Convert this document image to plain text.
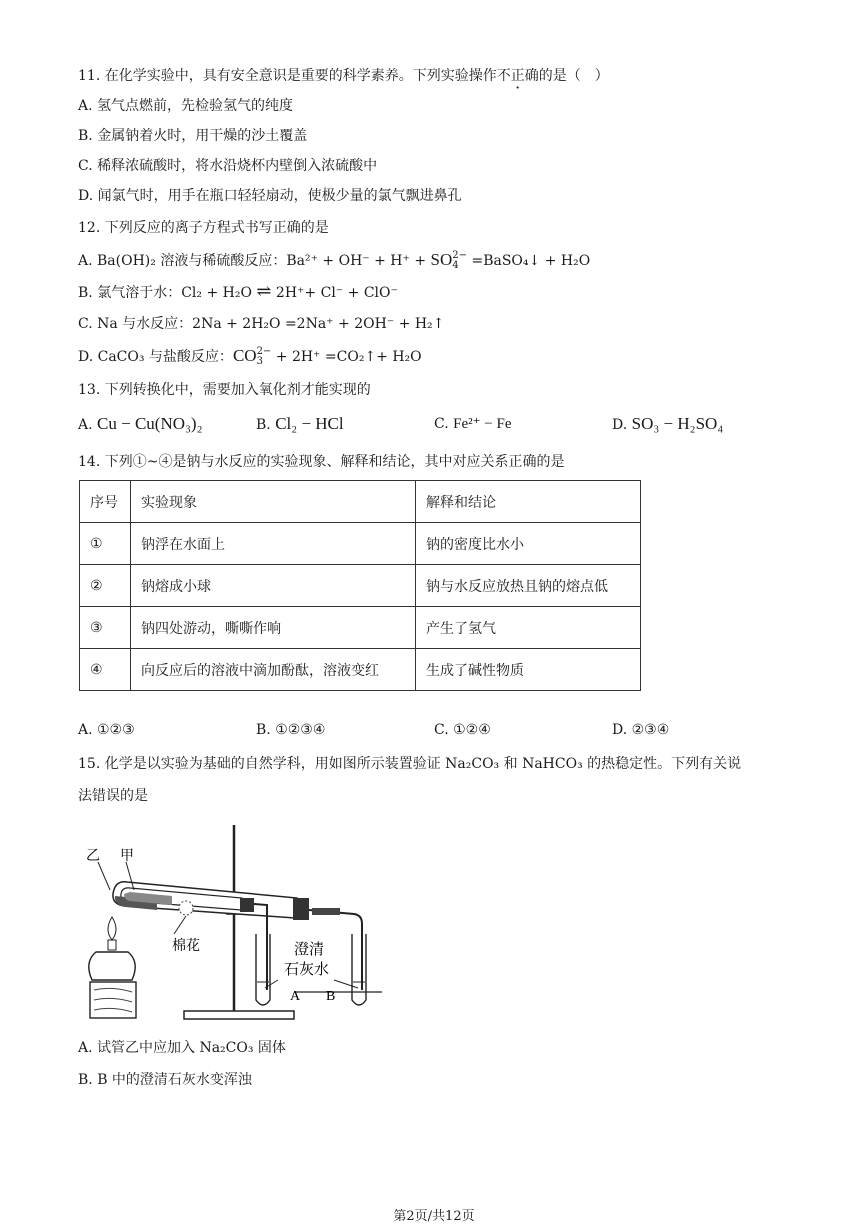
11. 在化学实验中，具有安全意识是重要的科学素养。下列实验操作不正确的是（　）
A. 氢气点燃前，先检验氢气的纯度
B. 金属钠着火时，用干燥的沙土覆盖
C. 稀释浓硫酸时，将水沿烧杯内壁倒入浓硫酸中
D. 闻氯气时，用手在瓶口轻轻扇动，使极少量的氯气飘进鼻孔
12. 下列反应的离子方程式书写正确的是
A. Ba(OH)₂ 溶液与稀硫酸反应：Ba²⁺ + OH⁻ + H⁺ + SO 2−
4 =BaSO₄↓ + H₂O
B. 氯气溶于水：Cl₂ + H₂O ⇌ 2H⁺+ Cl⁻ + ClO⁻
C. Na 与水反应：2Na + 2H₂O =2Na⁺ + 2OH⁻ + H₂↑
D. CaCO₃ 与盐酸反应：CO 2−
3 + 2H⁺ =CO₂↑+ H₂O
13. 下列转换化中，需要加入氧化剂才能实现的
A. Cu − Cu(NO₃)₂	B. Cl₂ − HCl	C. Fe²⁺ − Fe	D. SO₃ − H₂SO₄
14. 下列①~④是钠与水反应的实验现象、解释和结论，其中对应关系正确的是
序号	实验现象	解释和结论
①	钠浮在水面上	钠的密度比水小
②	钠熔成小球	钠与水反应放热且钠的熔点低
③	钠四处游动，嘶嘶作响	产生了氢气
④	向反应后的溶液中滴加酚酞，溶液变红	生成了碱性物质
A. ①②③	B. ①②③④	C. ①②④	D. ②③④
15. 化学是以实验为基础的自然学科，用如图所示装置验证 Na₂CO₃ 和 NaHCO₃ 的热稳定性。下列有关说
法错误的是
乙 甲
棉花	澄清
石灰水
A B
A. 试管乙中应加入 Na₂CO₃ 固体
B. B 中的澄清石灰水变浑浊
第2页/共12页
